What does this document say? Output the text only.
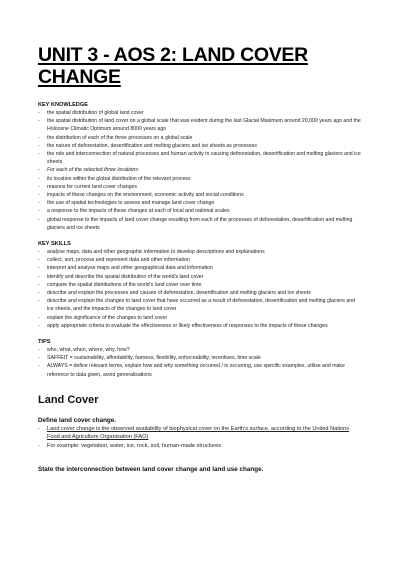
UNIT 3 - AOS 2: LAND COVER CHANGE

KEY KNOWLEDGE

- the spatial distribution of global land cover
- the spatial distribution of land cover on a global scale that was evident during the last Glacial Maximum around 20,000 years ago and the Holocene Climatic Optimum around 8000 years ago
- the distribution of each of the three processes on a global scale
- the nature of deforestation, desertification and melting glaciers and ice sheets as processes
- the role and interconnection of natural processes and human activity in causing deforestation, desertification and melting glaciers and ice sheets
- For each of the selected three locations:
- its location within the global distribution of the relevant process
- reasons for current land cover changes
- impacts of these changes on the environment, economic activity and social conditions
- the use of spatial technologies to assess and manage land cover change
- a response to the impacts of these changes at each of local and national scales
- global response to the impacts of land cover change resulting from each of the processes of deforestation, desertification and melting glaciers and ice sheets

KEY SKILLS

- analyse maps, data and other geographic information to develop descriptions and explanations
- collect, sort, process and represent data and other information
- interpret and analyse maps and other geographical data and information
- identify and describe the spatial distribution of the world's land cover
- compare the spatial distributions of the world's land cover over time
- describe and explain the processes and causes of deforestation, desertification and melting glaciers and ice sheets
- describe and explain the changes to land cover that have occurred as a result of deforestation, desertification and melting glaciers and ice sheets, and the impacts of the changes to land cover
- explain the significance of the changes to land cover
- apply appropriate criteria to evaluate the effectiveness or likely effectiveness of responses to the impacts of these changes

TIPS

- who, what, when, where, why, how?
- SAFFEIT = sustainability, affordability, fairness, flexibility, enforceability, incentives, time scale
- ALWAYS = define relevant terms, explain how and why something occurred / is occurring, use specific examples, utilise and make reference to data given, avoid generalisations
Land Cover

Define land cover change.

- Land cover change is the observed availability of biophysical cover on the Earth's surface, according to the United Nations Food and Agriculture Organisation (FAO)
- For example: vegetation, water, ice, rock, soil, human-made structures

State the interconnection between land cover change and land use change.
